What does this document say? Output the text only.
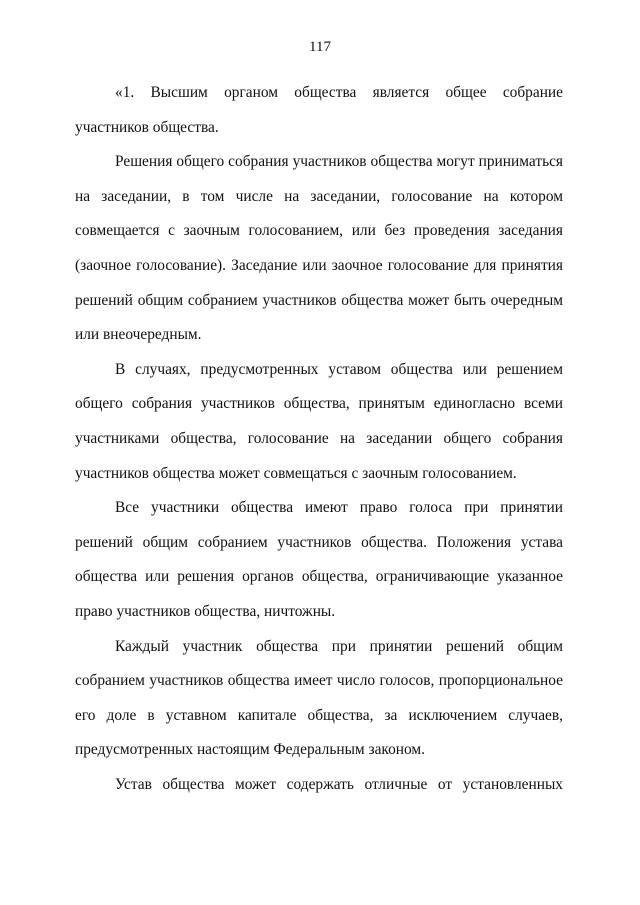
117

«1. Высшим органом общества является общее собрание участников общества.

Решения общего собрания участников общества могут приниматься на заседании, в том числе на заседании, голосование на котором совмещается с заочным голосованием, или без проведения заседания (заочное голосование). Заседание или заочное голосование для принятия решений общим собранием участников общества может быть очередным или внеочередным.

В случаях, предусмотренных уставом общества или решением общего собрания участников общества, принятым единогласно всеми участниками общества, голосование на заседании общего собрания участников общества может совмещаться с заочным голосованием.

Все участники общества имеют право голоса при принятии решений общим собранием участников общества. Положения устава общества или решения органов общества, ограничивающие указанное право участников общества, ничтожны.

Каждый участник общества при принятии решений общим собранием участников общества имеет число голосов, пропорциональное его доле в уставном капитале общества, за исключением случаев, предусмотренных настоящим Федеральным законом.

Устав общества может содержать отличные от установленных
